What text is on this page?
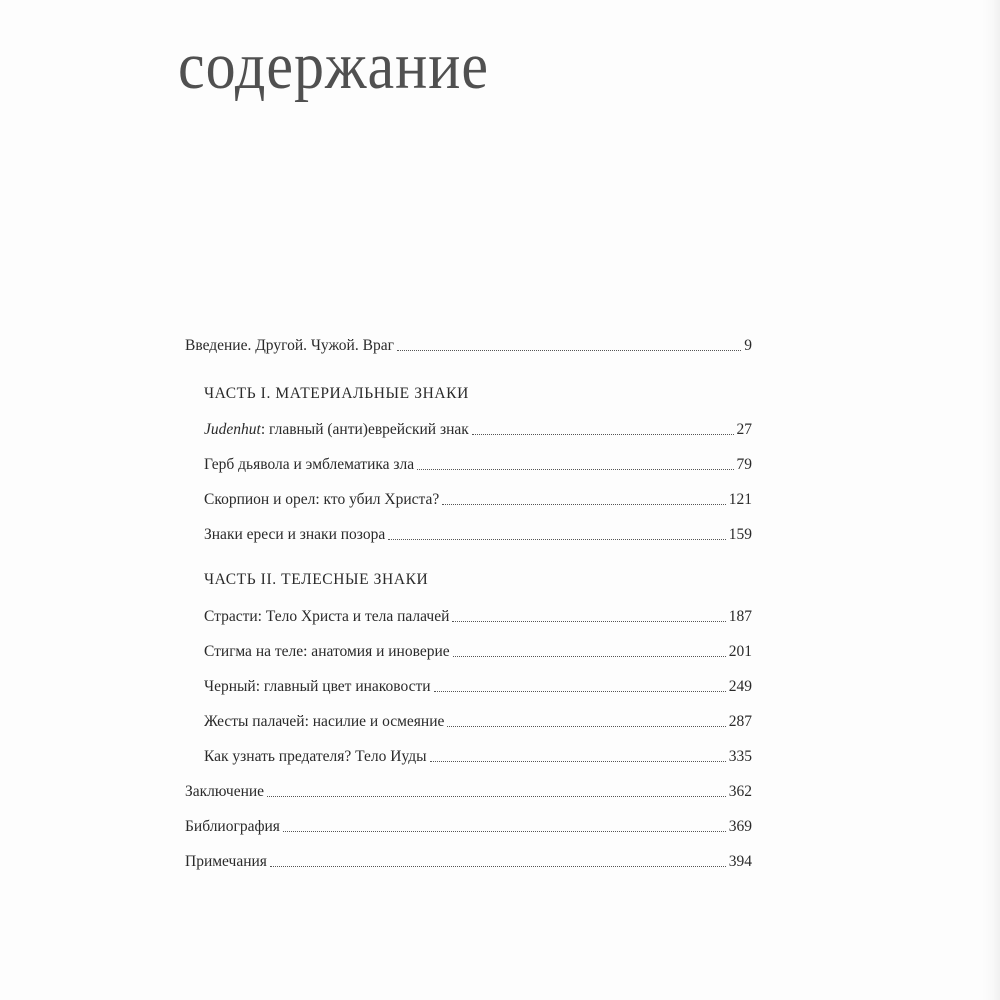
содержание
Введение. Другой. Чужой. Враг	9
ЧАСТЬ I. МАТЕРИАЛЬНЫЕ ЗНАКИ
Judenhut: главный (анти)еврейский знак	27
Герб дьявола и эмблематика зла	79
Скорпион и орел: кто убил Христа?	121
Знаки ереси и знаки позора	159
ЧАСТЬ II. ТЕЛЕСНЫЕ ЗНАКИ
Страсти: Тело Христа и тела палачей	187
Стигма на теле: анатомия и иноверие	201
Черный: главный цвет инаковости	249
Жесты палачей: насилие и осмеяние	287
Как узнать предателя? Тело Иуды	335
Заключение	362
Библиография	369
Примечания	394
